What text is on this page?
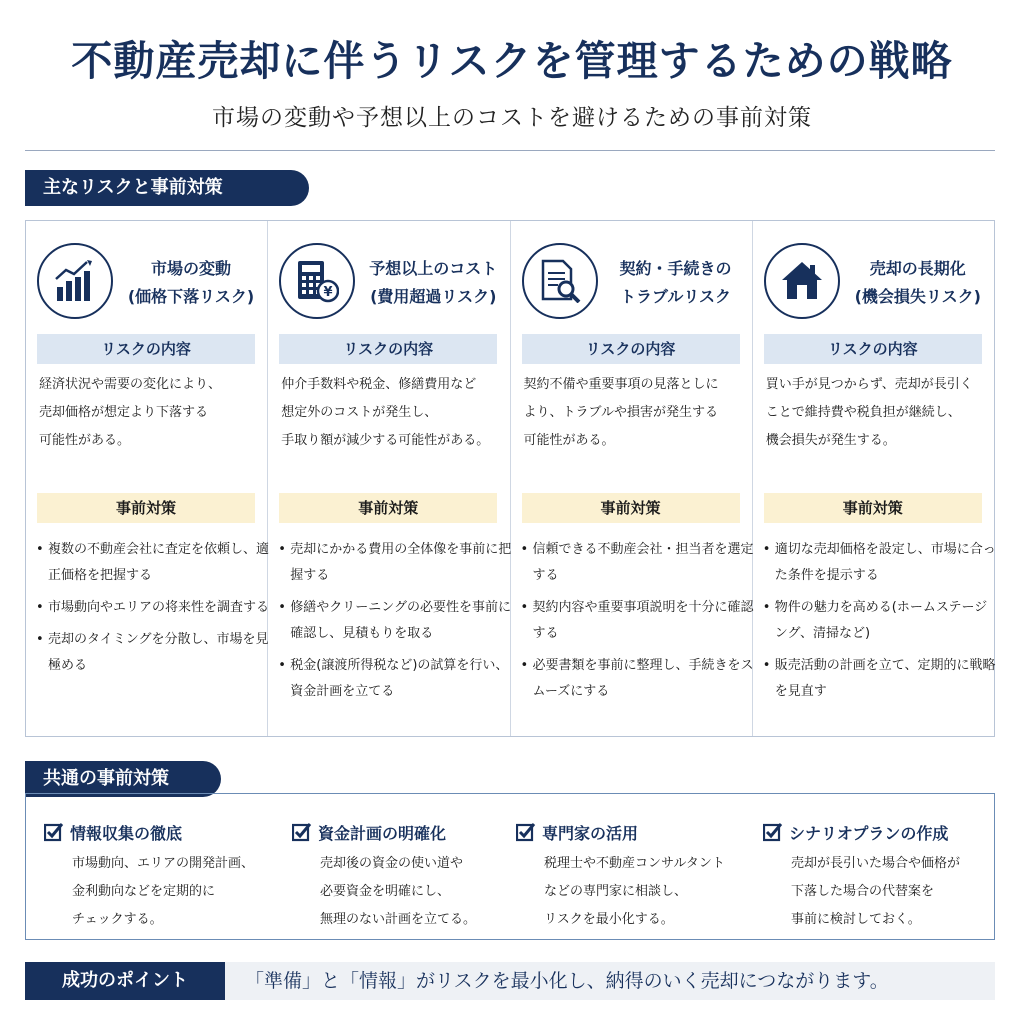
不動産売却に伴うリスクを管理するための戦略
市場の変動や予想以上のコストを避けるための事前対策
主なリスクと事前対策
市場の変動
(価格下落リスク)
リスクの内容
経済状況や需要の変化により、
売却価格が想定より下落する
可能性がある。
事前対策
• 複数の不動産会社に査定を依頼し、適正価格を把握する
• 市場動向やエリアの将来性を調査する
• 売却のタイミングを分散し、市場を見極める
¥
予想以上のコスト
(費用超過リスク)
リスクの内容
仲介手数料や税金、修繕費用など
想定外のコストが発生し、
手取り額が減少する可能性がある。
事前対策
• 売却にかかる費用の全体像を事前に把握する
• 修繕やクリーニングの必要性を事前に確認し、見積もりを取る
• 税金(譲渡所得税など)の試算を行い、資金計画を立てる
契約・手続きの
トラブルリスク
リスクの内容
契約不備や重要事項の見落としに
より、トラブルや損害が発生する
可能性がある。
事前対策
• 信頼できる不動産会社・担当者を選定する
• 契約内容や重要事項説明を十分に確認する
• 必要書類を事前に整理し、手続きをスムーズにする
売却の長期化
(機会損失リスク)
リスクの内容
買い手が見つからず、売却が長引く
ことで維持費や税負担が継続し、
機会損失が発生する。
事前対策
• 適切な売却価格を設定し、市場に合った条件を提示する
• 物件の魅力を高める(ホームステージング、清掃など)
• 販売活動の計画を立て、定期的に戦略を見直す
共通の事前対策
情報収集の徹底
市場動向、エリアの開発計画、
金利動向などを定期的に
チェックする。
資金計画の明確化
売却後の資金の使い道や
必要資金を明確にし、
無理のない計画を立てる。
専門家の活用
税理士や不動産コンサルタント
などの専門家に相談し、
リスクを最小化する。
シナリオプランの作成
売却が長引いた場合や価格が
下落した場合の代替案を
事前に検討しておく。
成功のポイント	「準備」と「情報」がリスクを最小化し、納得のいく売却につながります。
